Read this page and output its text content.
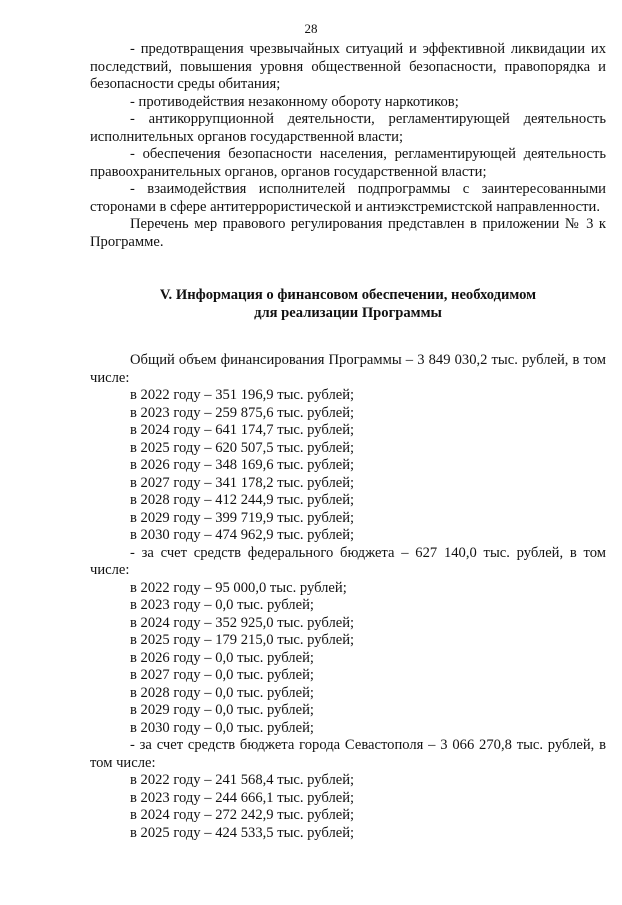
28

- предотвращения чрезвычайных ситуаций и эффективной ликвидации их последствий, повышения уровня общественной безопасности, правопорядка и безопасности среды обитания;

- противодействия незаконному обороту наркотиков;

- антикоррупционной деятельности, регламентирующей деятельность исполнительных органов государственной власти;

- обеспечения безопасности населения, регламентирующей деятельность правоохранительных органов, органов государственной власти;

- взаимодействия исполнителей подпрограммы с заинтересованными сторонами в сфере антитеррористической и антиэкстремистской направленности.

Перечень мер правового регулирования представлен в приложении № 3 к Программе.

V. Информация о финансовом обеспечении, необходимом
для реализации Программы

Общий объем финансирования Программы – 3 849 030,2 тыс. рублей, в том числе:

в 2022 году – 351 196,9 тыс. рублей;

в 2023 году – 259 875,6 тыс. рублей;

в 2024 году – 641 174,7 тыс. рублей;

в 2025 году – 620 507,5 тыс. рублей;

в 2026 году – 348 169,6 тыс. рублей;

в 2027 году – 341 178,2 тыс. рублей;

в 2028 году – 412 244,9 тыс. рублей;

в 2029 году – 399 719,9 тыс. рублей;

в 2030 году – 474 962,9 тыс. рублей;

- за счет средств федерального бюджета – 627 140,0 тыс. рублей, в том числе:

в 2022 году – 95 000,0 тыс. рублей;

в 2023 году – 0,0 тыс. рублей;

в 2024 году – 352 925,0 тыс. рублей;

в 2025 году – 179 215,0 тыс. рублей;

в 2026 году – 0,0 тыс. рублей;

в 2027 году – 0,0 тыс. рублей;

в 2028 году – 0,0 тыс. рублей;

в 2029 году – 0,0 тыс. рублей;

в 2030 году – 0,0 тыс. рублей;

- за счет средств бюджета города Севастополя – 3 066 270,8 тыс. рублей, в том числе:

в 2022 году – 241 568,4 тыс. рублей;

в 2023 году – 244 666,1 тыс. рублей;

в 2024 году – 272 242,9 тыс. рублей;

в 2025 году – 424 533,5 тыс. рублей;
